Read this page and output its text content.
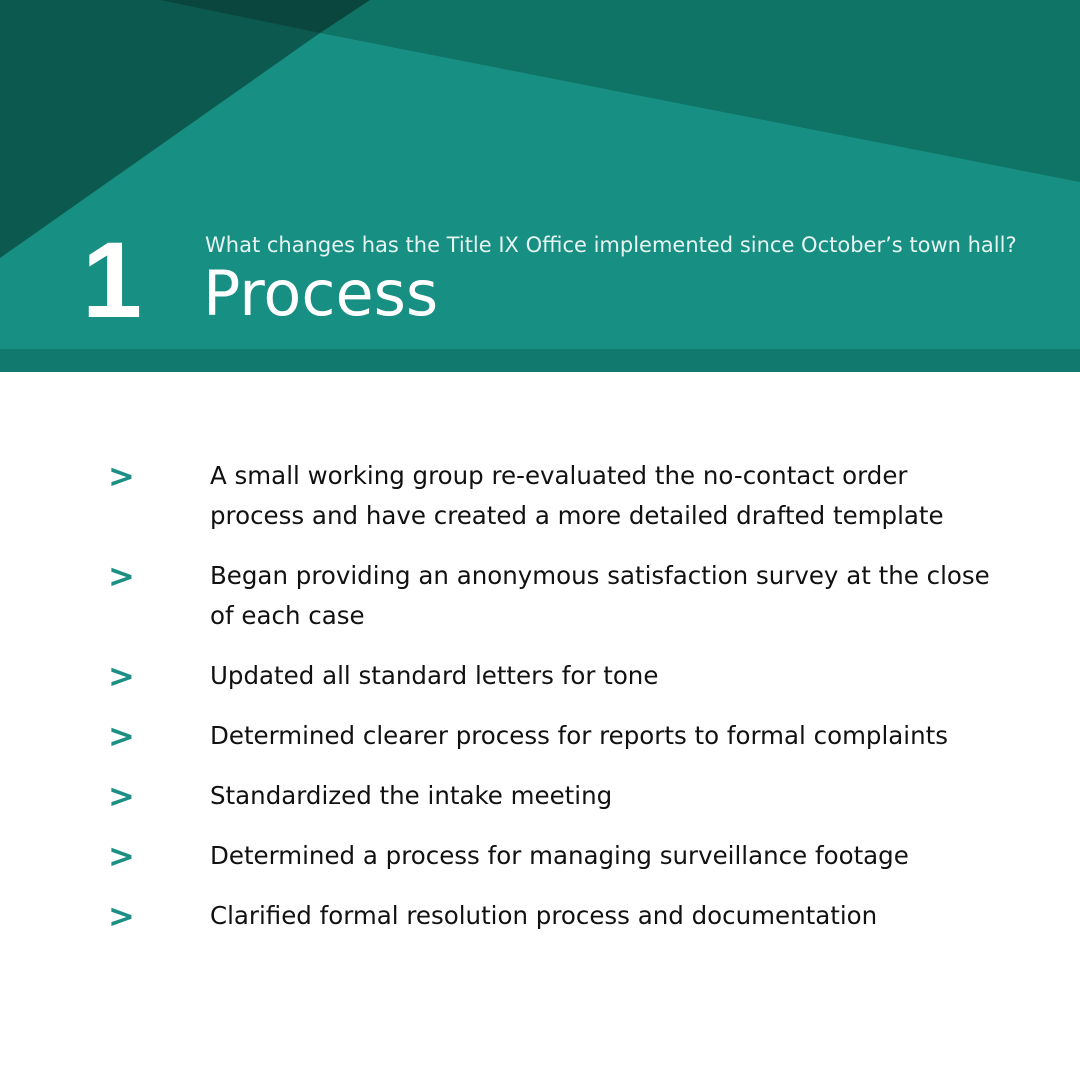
1	What changes has the Title IX Office implemented since October’s town hall?
Process
>	A small working group re-evaluated the no-contact order process and have created a more detailed drafted template
>	Began providing an anonymous satisfaction survey at the close of each case
>	Updated all standard letters for tone
>	Determined clearer process for reports to formal complaints
>	Standardized the intake meeting
>	Determined a process for managing surveillance footage
>	Clarified formal resolution process and documentation
